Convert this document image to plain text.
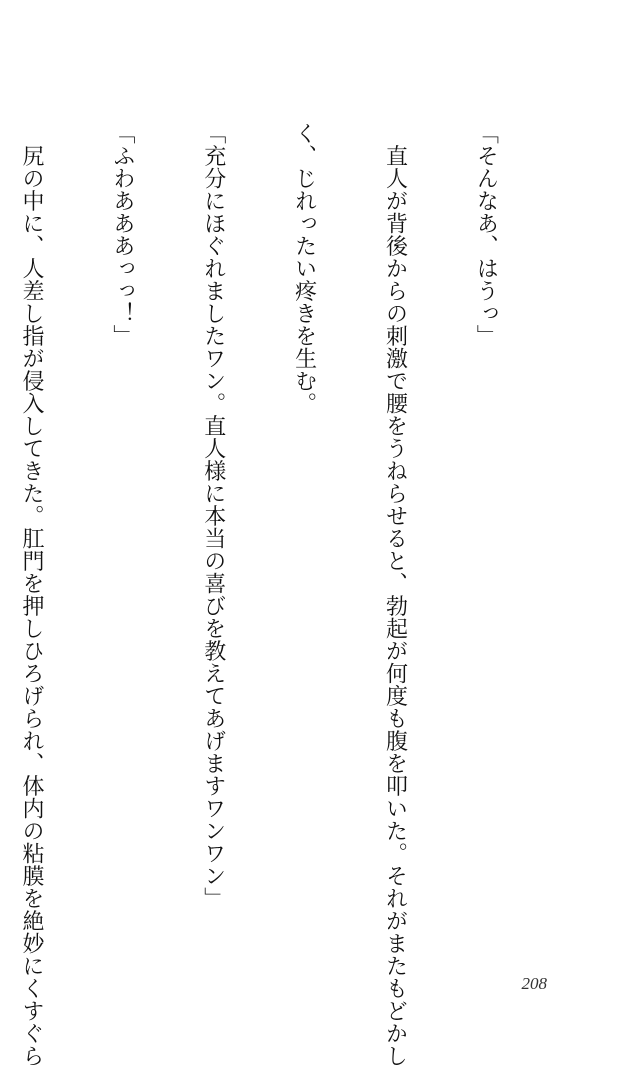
「そんなあ、はうっ」

　直人が背後からの刺激で腰をうねらせると、勃起が何度も腹を叩いた。それがまたもどかし

く、じれったい疼きを生む。

「充分にほぐれましたワン。直人様に本当の喜びを教えてあげますワンワン」

「ふわあああっっ！」

　尻の中に、人差し指が侵入してきた。肛門を押しひろげられ、体内の粘膜を絶妙にくすぐら

	208
